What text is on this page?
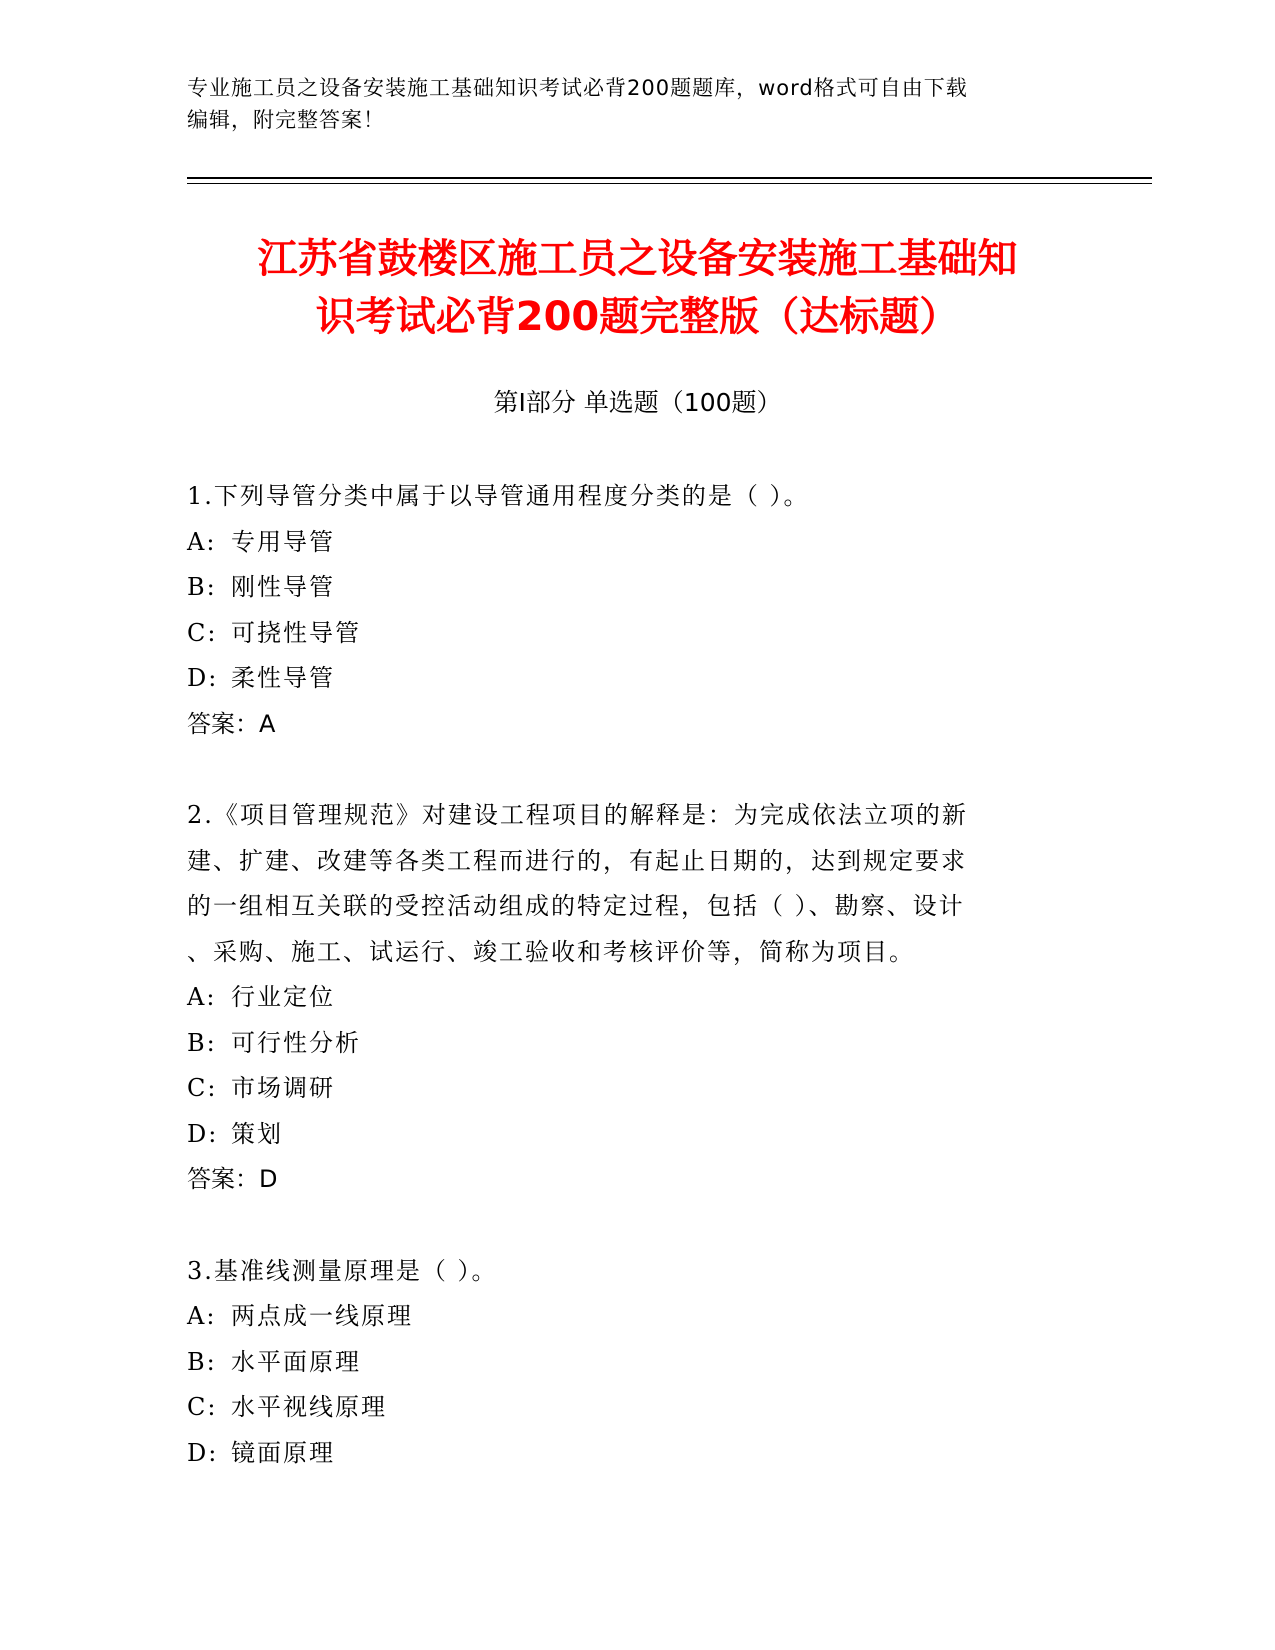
专业施工员之设备安装施工基础知识考试必背200题题库，word格式可自由下载
编辑，附完整答案！
江苏省鼓楼区施工员之设备安装施工基础知
识考试必背200题完整版（达标题）
第Ⅰ部分 单选题（100题）
1.下列导管分类中属于以导管通用程度分类的是（ ）。
A: 专用导管
B: 刚性导管
C: 可挠性导管
D: 柔性导管
答案：A
2.《项目管理规范》对建设工程项目的解释是：为完成依法立项的新
建、扩建、改建等各类工程而进行的，有起止日期的，达到规定要求
的一组相互关联的受控活动组成的特定过程，包括（ ）、勘察、设计
、采购、施工、试运行、竣工验收和考核评价等，简称为项目。
A: 行业定位
B: 可行性分析
C: 市场调研
D: 策划
答案：D
3.基准线测量原理是（ ）。
A: 两点成一线原理
B: 水平面原理
C: 水平视线原理
D: 镜面原理
